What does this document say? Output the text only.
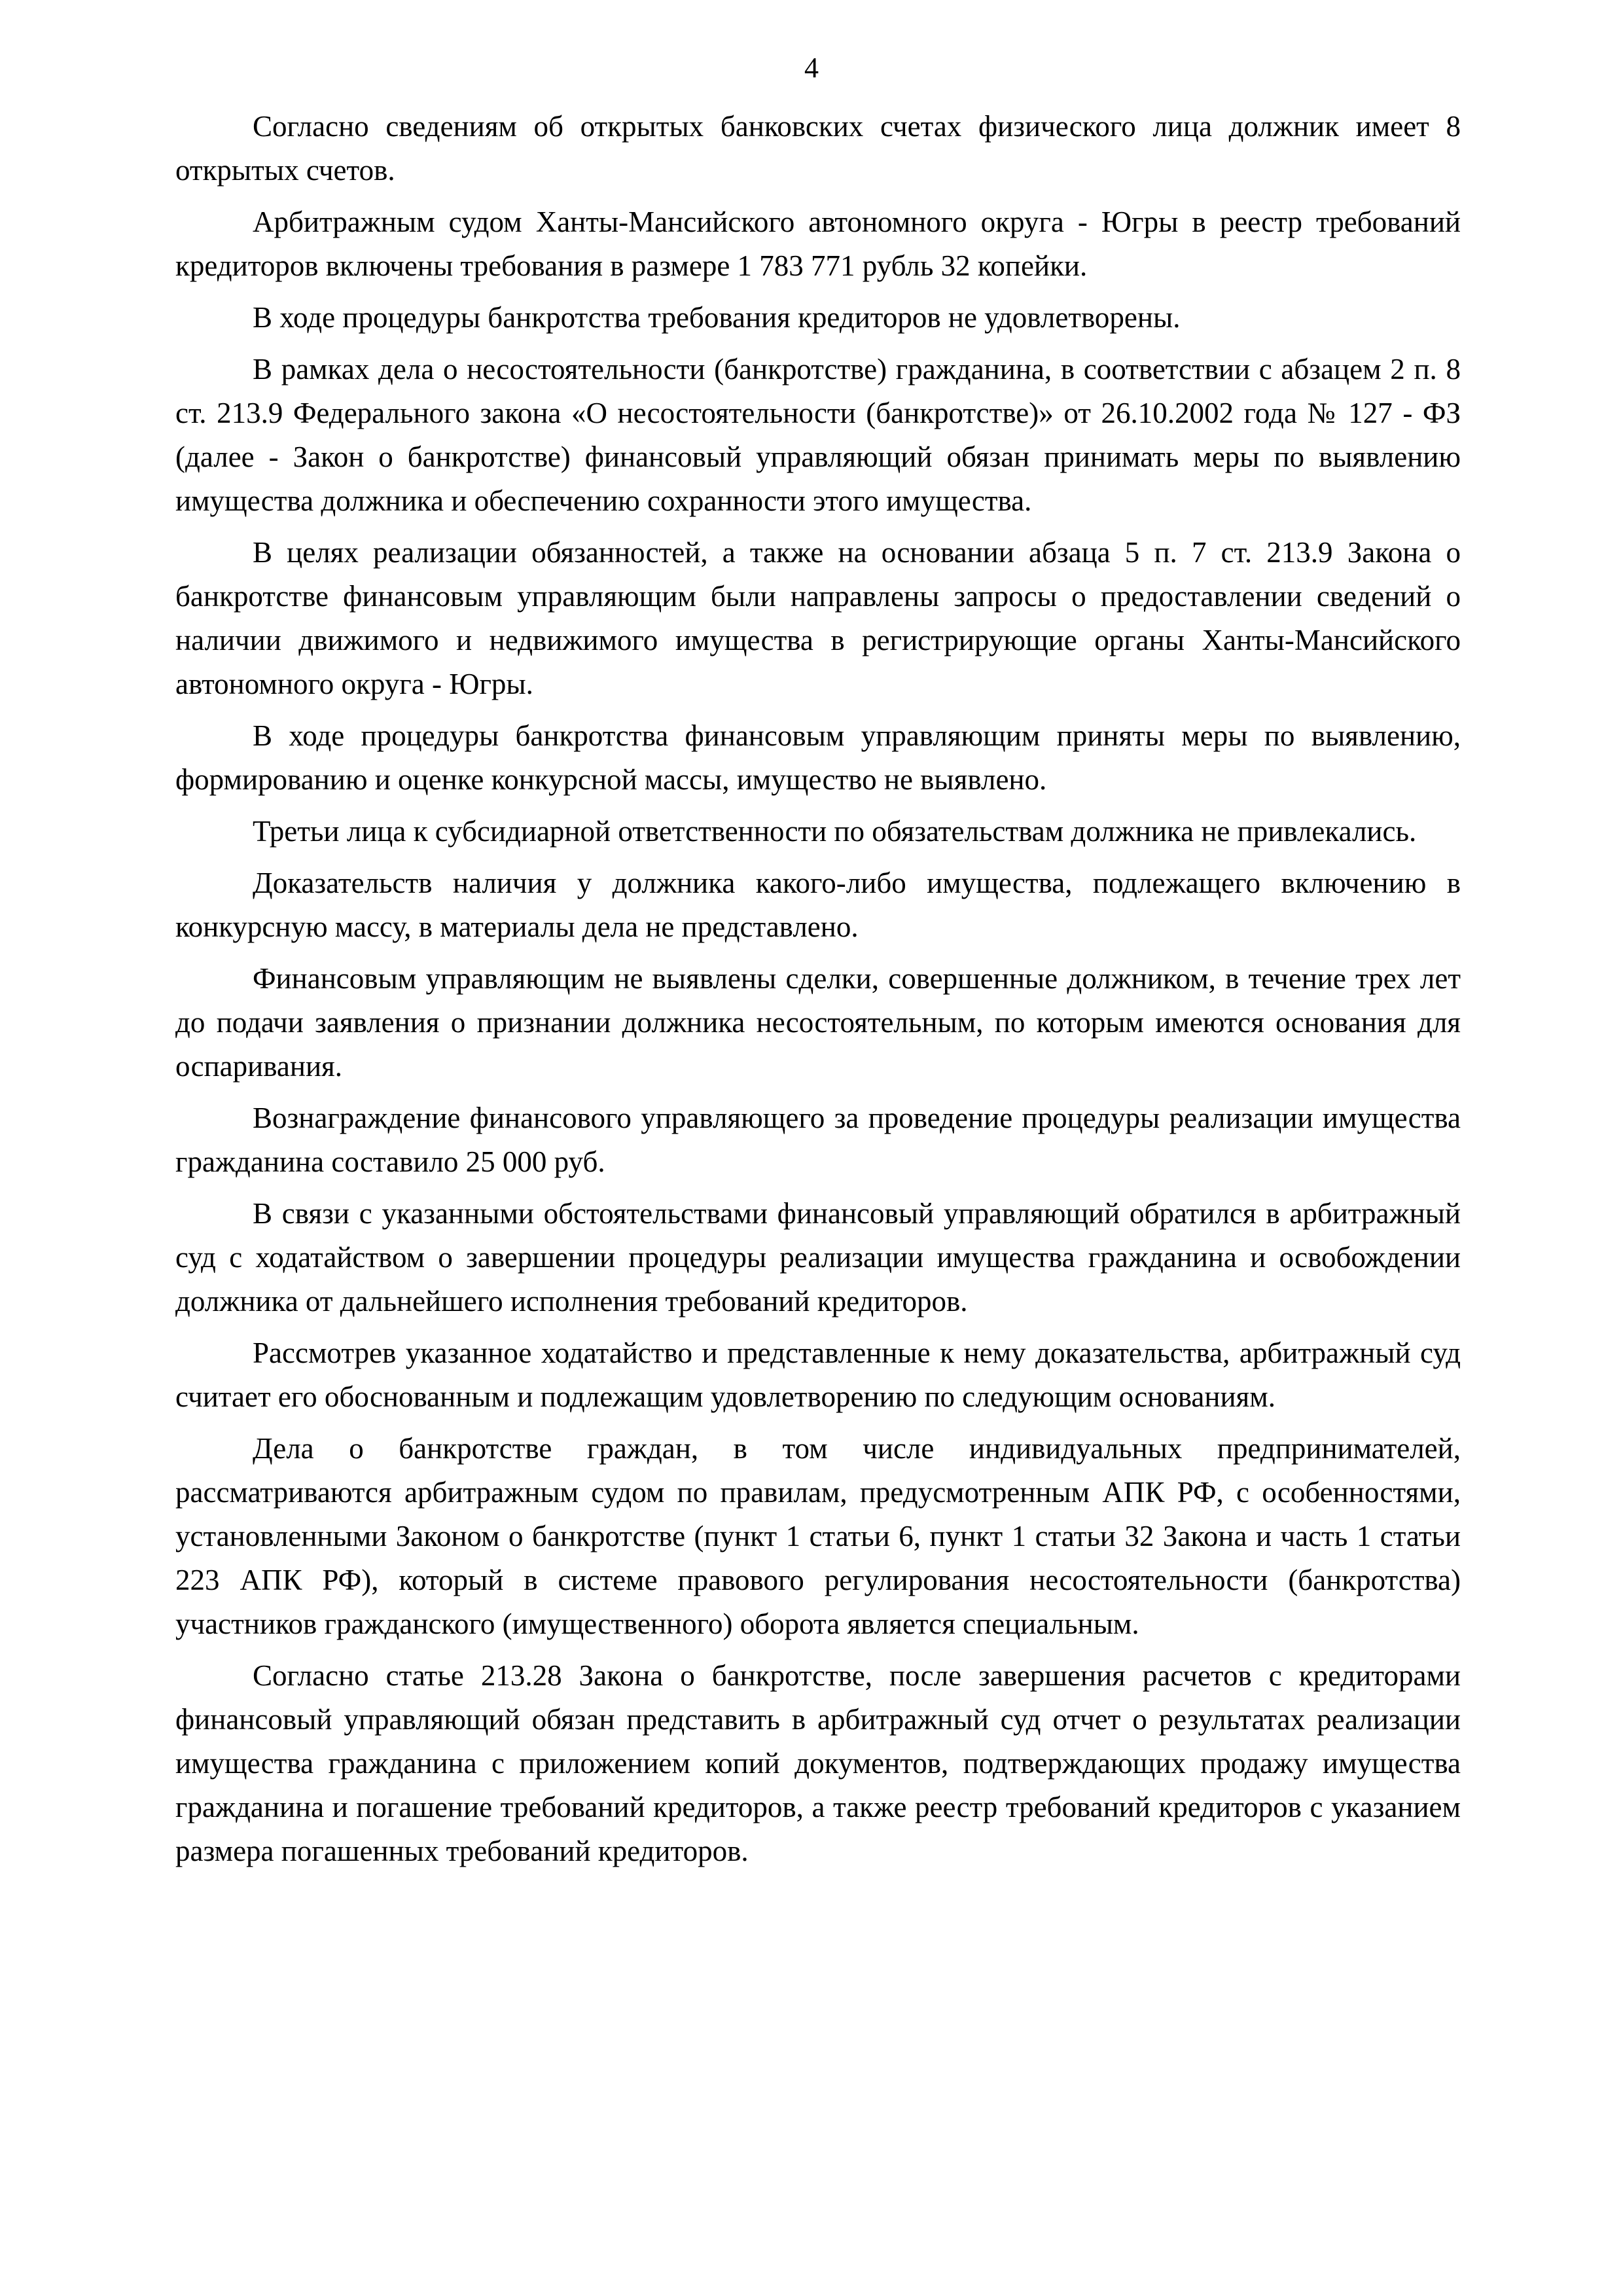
4

Согласно сведениям об открытых банковских счетах физического лица должник имеет 8 открытых счетов.

Арбитражным судом Ханты-Мансийского автономного округа - Югры в реестр требований кредиторов включены требования в размере 1 783 771 рубль 32 копейки.

В ходе процедуры банкротства требования кредиторов не удовлетворены.

В рамках дела о несостоятельности (банкротстве) гражданина, в соответствии с абзацем 2 п. 8 ст. 213.9 Федерального закона «О несостоятельности (банкротстве)» от 26.10.2002 года № 127 - ФЗ (далее - Закон о банкротстве) финансовый управляющий обязан принимать меры по выявлению имущества должника и обеспечению сохранности этого имущества.

В целях реализации обязанностей, а также на основании абзаца 5 п. 7 ст. 213.9 Закона о банкротстве финансовым управляющим были направлены запросы о предоставлении сведений о наличии движимого и недвижимого имущества в регистрирующие органы Ханты-Мансийского автономного округа - Югры.

В ходе процедуры банкротства финансовым управляющим приняты меры по выявлению, формированию и оценке конкурсной массы, имущество не выявлено.

Третьи лица к субсидиарной ответственности по обязательствам должника не привлекались.

Доказательств наличия у должника какого-либо имущества, подлежащего включению в конкурсную массу, в материалы дела не представлено.

Финансовым управляющим не выявлены сделки, совершенные должником, в течение трех лет до подачи заявления о признании должника несостоятельным, по которым имеются основания для оспаривания.

Вознаграждение финансового управляющего за проведение процедуры реализации имущества гражданина составило 25 000 руб.

В связи с указанными обстоятельствами финансовый управляющий обратился в арбитражный суд с ходатайством о завершении процедуры реализации имущества гражданина и освобождении должника от дальнейшего исполнения требований кредиторов.

Рассмотрев указанное ходатайство и представленные к нему доказательства, арбитражный суд считает его обоснованным и подлежащим удовлетворению по следующим основаниям.

Дела о банкротстве граждан, в том числе индивидуальных предпринимателей, рассматриваются арбитражным судом по правилам, предусмотренным АПК РФ, с особенностями, установленными Законом о банкротстве (пункт 1 статьи 6, пункт 1 статьи 32 Закона и часть 1 статьи 223 АПК РФ), который в системе правового регулирования несостоятельности (банкротства) участников гражданского (имущественного) оборота является специальным.

Согласно статье 213.28 Закона о банкротстве, после завершения расчетов с кредиторами финансовый управляющий обязан представить в арбитражный суд отчет о результатах реализации имущества гражданина с приложением копий документов, подтверждающих продажу имущества гражданина и погашение требований кредиторов, а также реестр требований кредиторов с указанием размера погашенных требований кредиторов.
